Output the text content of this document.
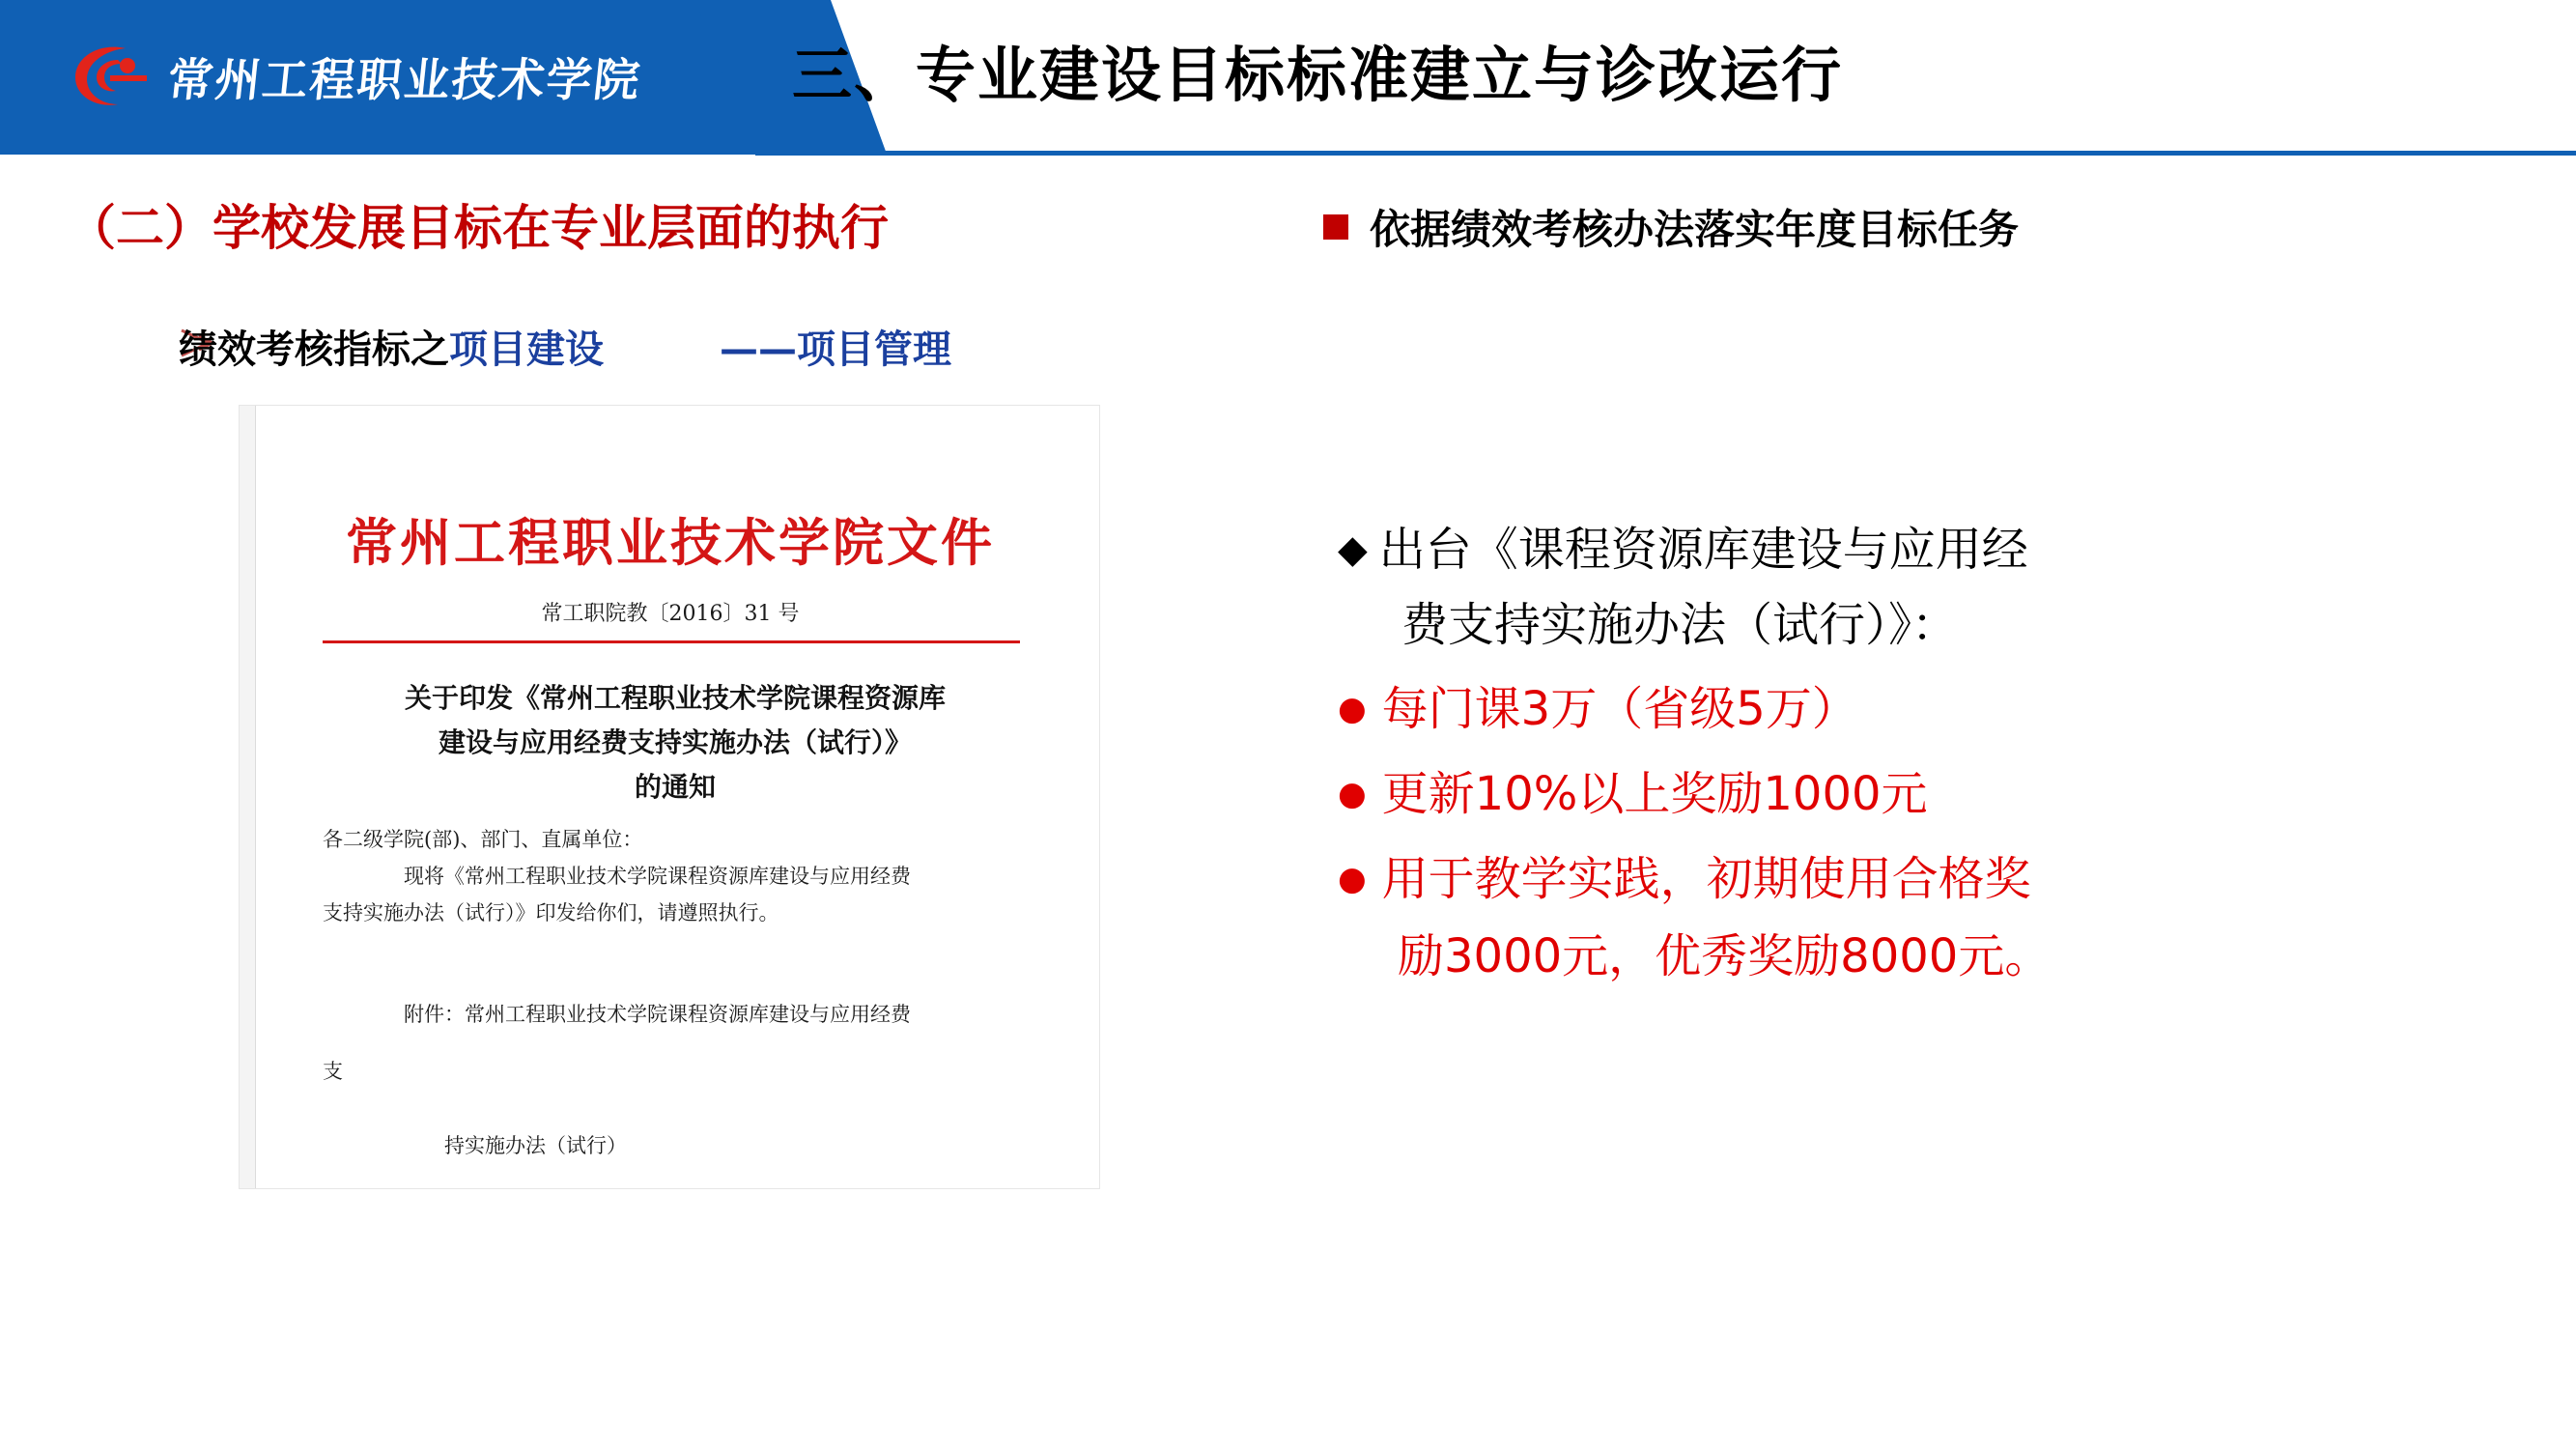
常州工程职业技术学院 三、专业建设目标标准建立与诊改运行
（二）学校发展目标在专业层面的执行	依据绩效考核办法落实年度目标任务
绩效考核指标之 项目建设	——项目管理
常州工程职业技术学院文件
常工职院教〔2016〕31 号
关于印发《常州工程职业技术学院课程资源库
建设与应用经费支持实施办法（试行）》
的通知

各二级学院(部)、部门、直属单位：

现将《常州工程职业技术学院课程资源库建设与应用经费

支持实施办法（试行）》印发给你们，请遵照执行。

附件：常州工程职业技术学院课程资源库建设与应用经费

支

持实施办法（试行）

◆ 出台《课程资源库建设与应用经
费支持实施办法（试行）》：
● 每门课3万（省级5万）
● 更新10%以上奖励1000元
● 用于教学实践，初期使用合格奖
励3000元，优秀奖励8000元。
